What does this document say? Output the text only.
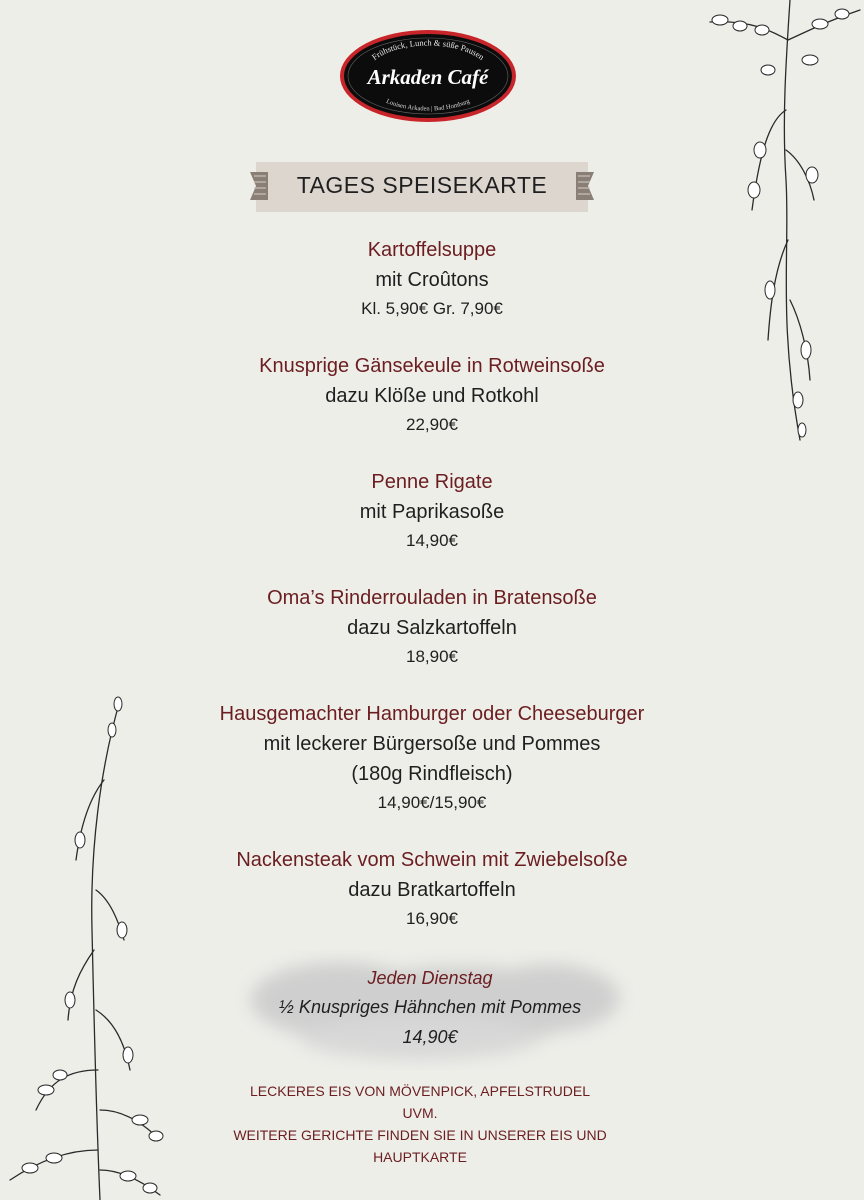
Frühstück, Lunch & süße Pausen
Arkaden Café
Louisen Arkaden | Bad Homburg
TAGES SPEISEKARTE
Kartoffelsuppe
mit Croûtons
Kl. 5,90€ Gr. 7,90€
Knusprige Gänsekeule in Rotweinsoße
dazu Klöße und Rotkohl
22,90€
Penne Rigate
mit Paprikasoße
14,90€
Oma’s Rinderrouladen in Bratensoße
dazu Salzkartoffeln
18,90€
Hausgemachter Hamburger oder Cheeseburger
mit leckerer Bürgersoße und Pommes
(180g Rindfleisch)
14,90€/15,90€
Nackensteak vom Schwein mit Zwiebelsoße
dazu Bratkartoffeln
16,90€
Jeden Dienstag
½ Knuspriges Hähnchen mit Pommes
14,90€
LECKERES EIS VON MÖVENPICK, APFELSTRUDEL
UVM.
WEITERE GERICHTE FINDEN SIE IN UNSERER EIS UND
HAUPTKARTE
